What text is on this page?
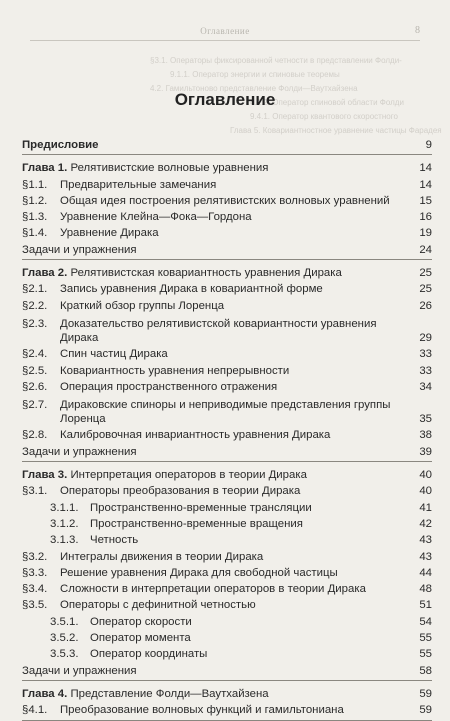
Оглавление	8
§3.1. Операторы фиксированной четности в представлении Фолди-
9.1.1. Оператор энергии и спиновые теоремы
4.2. Гамильтоново представление Фолди—Ваутхайзена
4.2.2. Оператор спиновой области Фолди
9.4.1. Оператор квантового скоростного
Глава 5. Ковариантностное уравнение частицы Фарадея
Оглавление
Предисловие	9
Глава 1. Релятивистские волновые уравнения	14
§1.1. Предварительные замечания	14
§1.2. Общая идея построения релятивистских волновых уравнений	15
§1.3. Уравнение Клейна—Фока—Гордона	16
§1.4. Уравнение Дирака	19
Задачи и упражнения	24
Глава 2. Релятивистская ковариантность уравнения Дирака	25
§2.1. Запись уравнения Дирака в ковариантной форме	25
§2.2. Краткий обзор группы Лоренца	26
§2.3. Доказательство релятивистской ковариантности уравнения
Дирака	29
§2.4. Спин частиц Дирака	33
§2.5. Ковариантность уравнения непрерывности	33
§2.6. Операция пространственного отражения	34
§2.7. Дираковские спиноры и неприводимые представления группы
Лоренца	35
§2.8. Калибровочная инвариантность уравнения Дирака	38
Задачи и упражнения	39
Глава 3. Интерпретация операторов в теории Дирака	40
§3.1. Операторы преобразования в теории Дирака	40
3.1.1. Пространственно-временные трансляции	41
3.1.2. Пространственно-временные вращения	42
3.1.3. Четность	43
§3.2. Интегралы движения в теории Дирака	43
§3.3. Решение уравнения Дирака для свободной частицы	44
§3.4. Сложности в интерпретации операторов в теории Дирака	48
§3.5. Операторы с дефинитной четностью	51
3.5.1. Оператор скорости	54
3.5.2. Оператор момента	55
3.5.3. Оператор координаты	55
Задачи и упражнения	58
Глава 4. Представление Фолди—Ваутхайзена	59
§4.1. Преобразование волновых функций и гамильтониана	59
